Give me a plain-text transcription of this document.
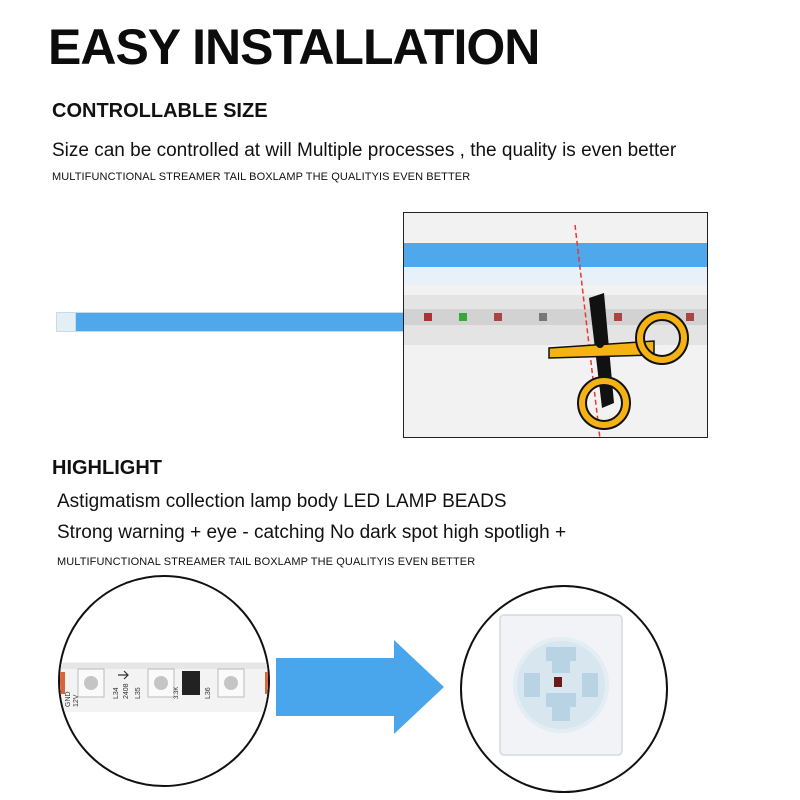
EASY INSTALLATION
CONTROLLABLE SIZE
Size can be controlled at will Multiple processes , the quality is even better
MULTIFUNCTIONAL STREAMER TAIL BOXLAMP THE QUALITYIS EVEN BETTER
HIGHLIGHT
Astigmatism collection lamp body LED LAMP BEADS
Strong warning + eye - catching No dark spot high spotligh +
MULTIFUNCTIONAL STREAMER TAIL BOXLAMP THE QUALITYIS EVEN BETTER
GND 12V
L34 2408 L35	3.3K	L36
